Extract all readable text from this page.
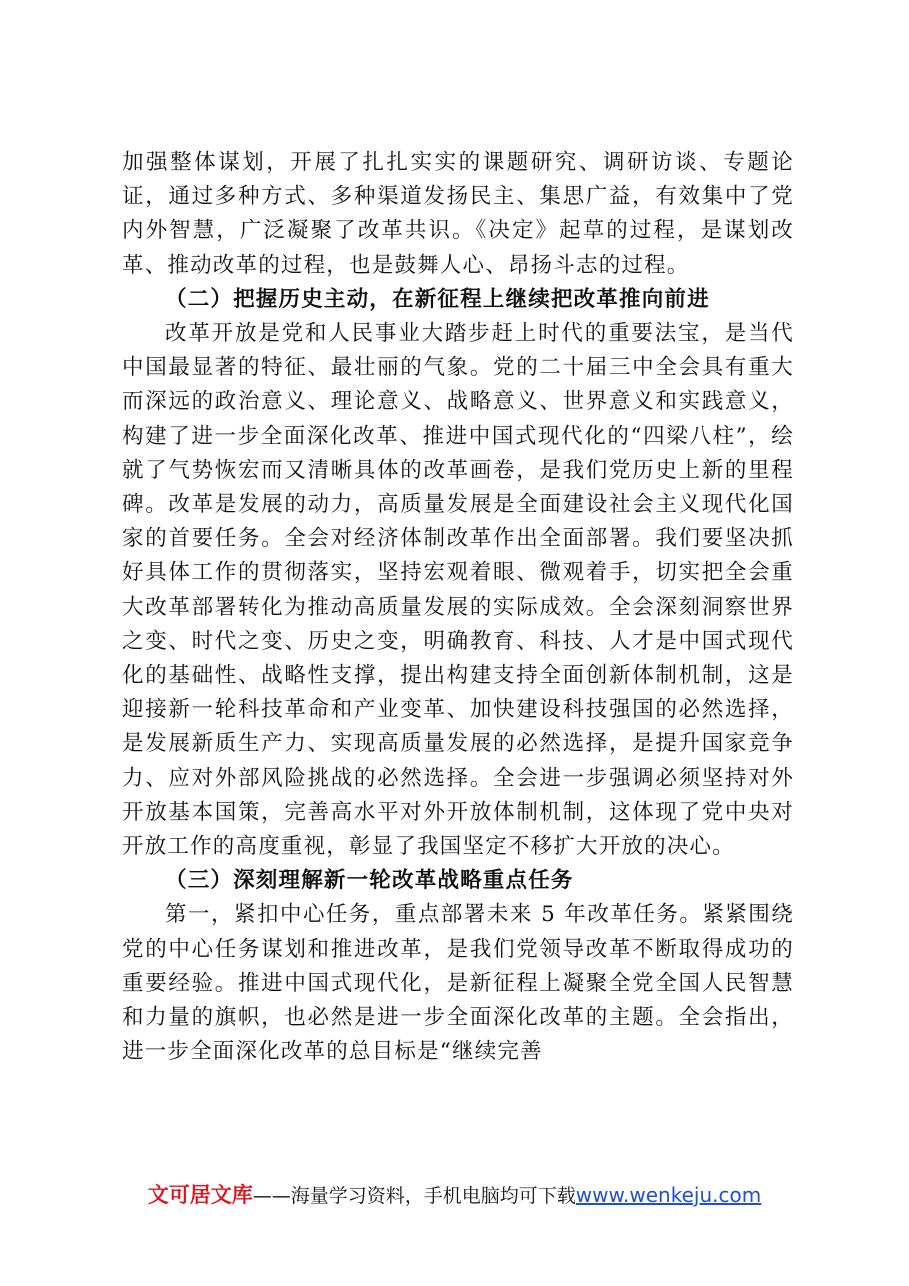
加强整体谋划，开展了扎扎实实的课题研究、调研访谈、专题论证，通过多种方式、多种渠道发扬民主、集思广益，有效集中了党内外智慧，广泛凝聚了改革共识。《决定》起草的过程，是谋划改革、推动改革的过程，也是鼓舞人心、昂扬斗志的过程。

（二）把握历史主动，在新征程上继续把改革推向前进

改革开放是党和人民事业大踏步赶上时代的重要法宝，是当代中国最显著的特征、最壮丽的气象。党的二十届三中全会具有重大而深远的政治意义、理论意义、战略意义、世界意义和实践意义，构建了进一步全面深化改革、推进中国式现代化的“四梁八柱”，绘就了气势恢宏而又清晰具体的改革画卷，是我们党历史上新的里程碑。改革是发展的动力，高质量发展是全面建设社会主义现代化国家的首要任务。全会对经济体制改革作出全面部署。我们要坚决抓好具体工作的贯彻落实，坚持宏观着眼、微观着手，切实把全会重大改革部署转化为推动高质量发展的实际成效。全会深刻洞察世界之变、时代之变、历史之变，明确教育、科技、人才是中国式现代化的基础性、战略性支撑，提出构建支持全面创新体制机制，这是迎接新一轮科技革命和产业变革、加快建设科技强国的必然选择，是发展新质生产力、实现高质量发展的必然选择，是提升国家竞争力、应对外部风险挑战的必然选择。全会进一步强调必须坚持对外开放基本国策，完善高水平对外开放体制机制，这体现了党中央对开放工作的高度重视，彰显了我国坚定不移扩大开放的决心。

（三）深刻理解新一轮改革战略重点任务

第一，紧扣中心任务，重点部署未来 5 年改革任务。紧紧围绕党的中心任务谋划和推进改革，是我们党领导改革不断取得成功的重要经验。推进中国式现代化，是新征程上凝聚全党全国人民智慧和力量的旗帜，也必然是进一步全面深化改革的主题。全会指出，进一步全面深化改革的总目标是“继续完善

文可居文库——海量学习资料，手机电脑均可下载www.wenkeju.com
